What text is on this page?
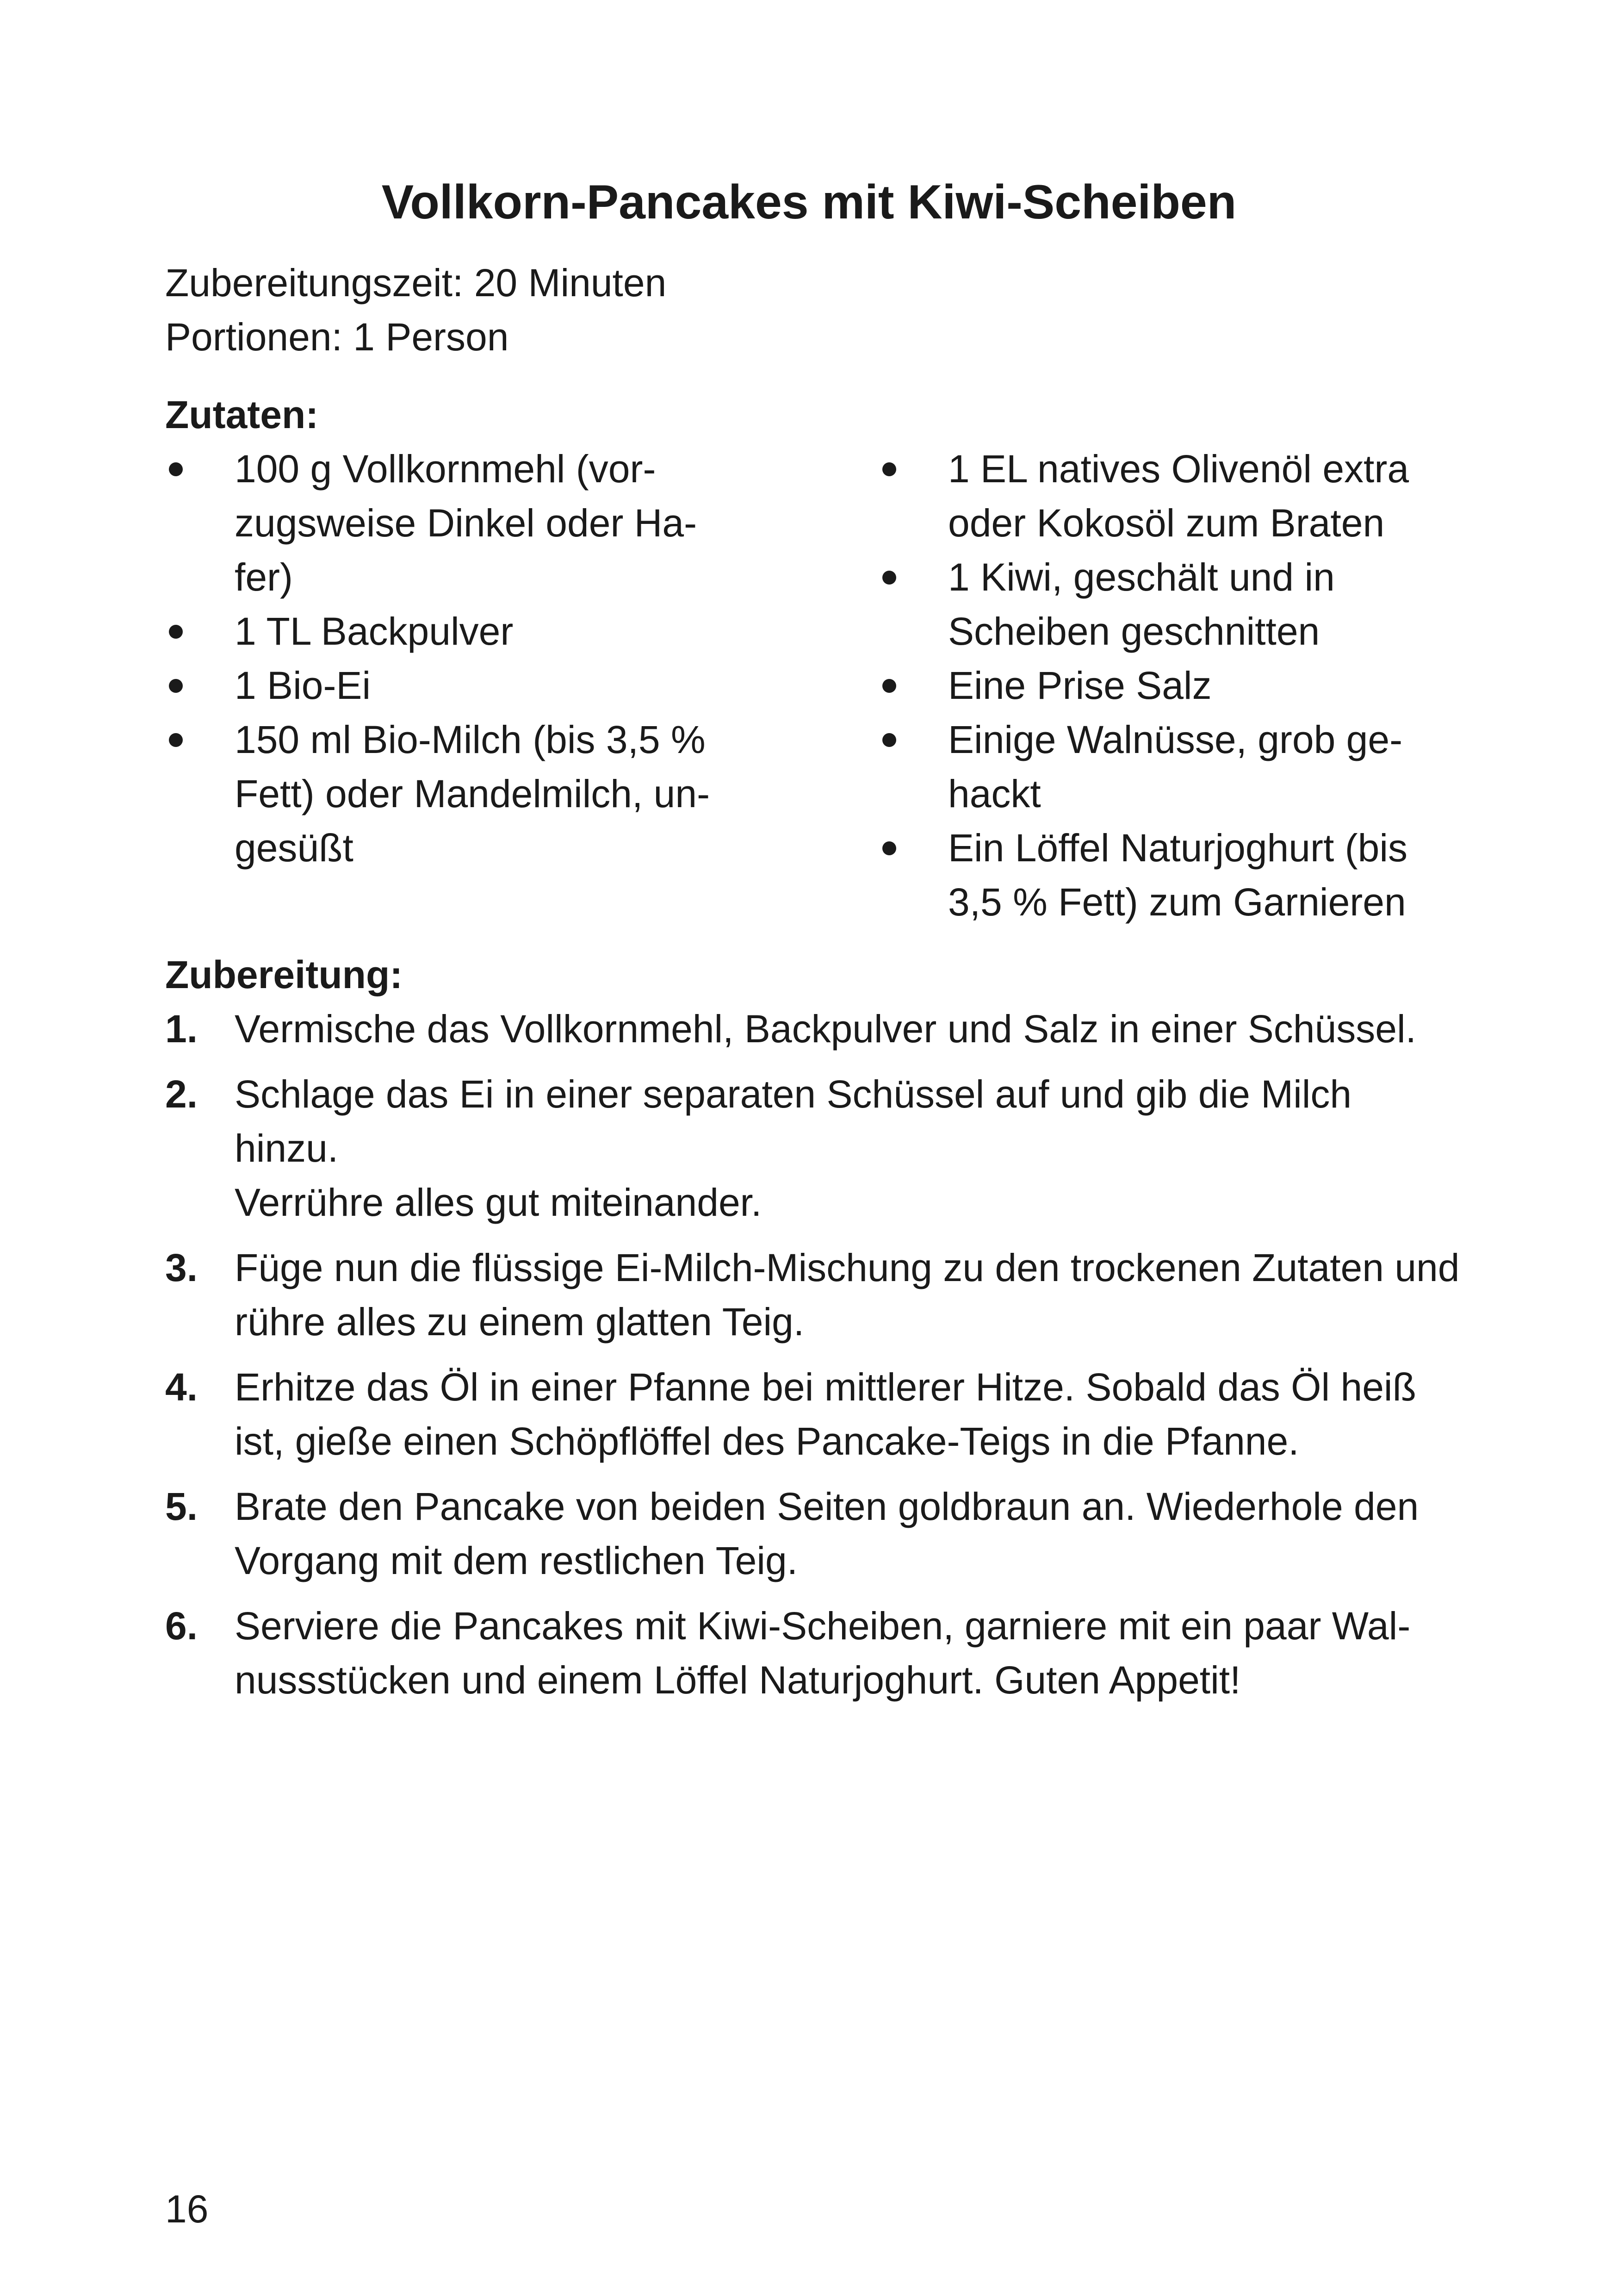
Vollkorn-Pancakes mit Kiwi-Scheiben
Zubereitungszeit: 20 Minuten
Portionen: 1 Person
Zutaten:
100 g Vollkornmehl (vor-
zugsweise Dinkel oder Ha-
fer)
1 TL Backpulver
1 Bio-Ei
150 ml Bio-Milch (bis 3,5 %
Fett) oder Mandelmilch, un-
gesüßt
1 EL natives Olivenöl extra
oder Kokosöl zum Braten
1 Kiwi, geschält und in
Scheiben geschnitten
Eine Prise Salz
Einige Walnüsse, grob ge-
hackt
Ein Löffel Naturjoghurt (bis
3,5 % Fett) zum Garnieren
Zubereitung:
1. Vermische das Vollkornmehl, Backpulver und Salz in einer Schüssel.
2. Schlage das Ei in einer separaten Schüssel auf und gib die Milch hinzu.
Verrühre alles gut miteinander.
3. Füge nun die flüssige Ei-Milch-Mischung zu den trockenen Zutaten und
rühre alles zu einem glatten Teig.
4. Erhitze das Öl in einer Pfanne bei mittlerer Hitze. Sobald das Öl heiß
ist, gieße einen Schöpflöffel des Pancake-Teigs in die Pfanne.
5. Brate den Pancake von beiden Seiten goldbraun an. Wiederhole den
Vorgang mit dem restlichen Teig.
6. Serviere die Pancakes mit Kiwi-Scheiben, garniere mit ein paar Wal-
nussstücken und einem Löffel Naturjoghurt. Guten Appetit!
16
